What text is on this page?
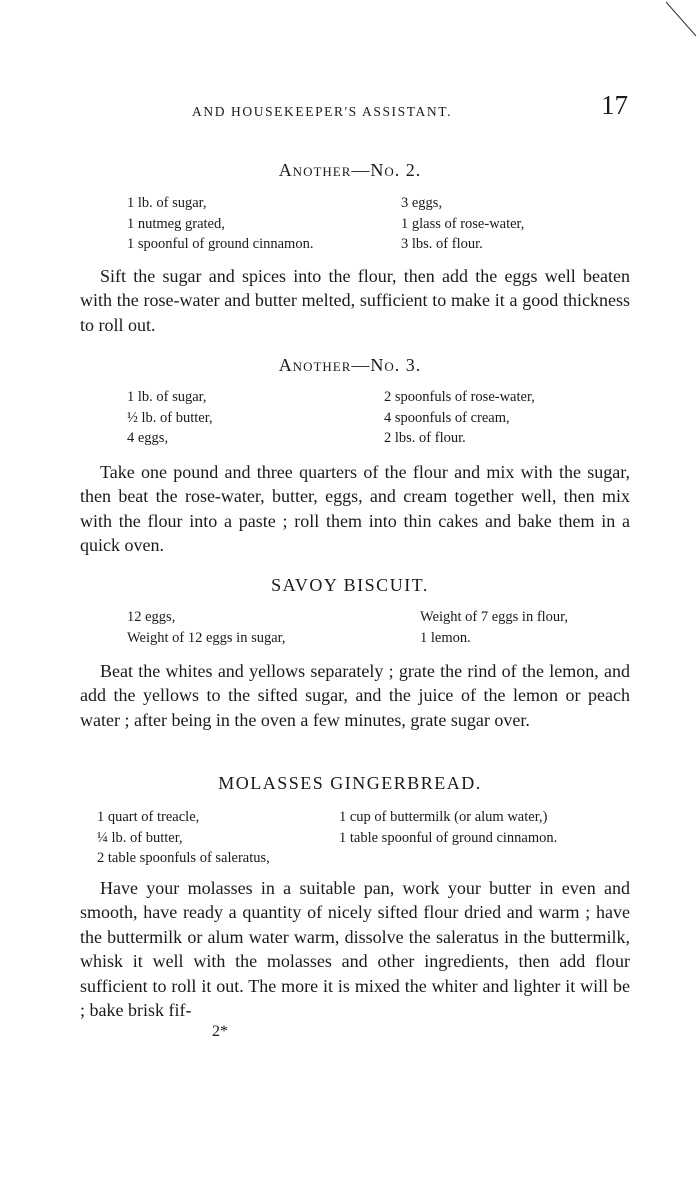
AND HOUSEKEEPER'S ASSISTANT.	17
Another—No. 2.
1 lb. of sugar,
1 nutmeg grated,
1 spoonful of ground cinnamon.
3 eggs,
1 glass of rose-water,
3 lbs. of flour.
Sift the sugar and spices into the flour, then add the eggs well beaten with the rose-water and butter melted, sufficient to make it a good thickness to roll out.
Another—No. 3.
1 lb. of sugar,
½ lb. of butter,
4 eggs,
2 spoonfuls of rose-water,
4 spoonfuls of cream,
2 lbs. of flour.
Take one pound and three quarters of the flour and mix with the sugar, then beat the rose-water, butter, eggs, and cream together well, then mix with the flour into a paste ; roll them into thin cakes and bake them in a quick oven.
SAVOY BISCUIT.
12 eggs,
Weight of 12 eggs in sugar,
Weight of 7 eggs in flour,
1 lemon.
Beat the whites and yellows separately ; grate the rind of the lemon, and add the yellows to the sifted sugar, and the juice of the lemon or peach water ; after being in the oven a few minutes, grate sugar over.
MOLASSES GINGERBREAD.
1 quart of treacle,
¼ lb. of butter,
2 table spoonfuls of saleratus,
1 cup of buttermilk (or alum water,)
1 table spoonful of ground cinnamon.
Have your molasses in a suitable pan, work your butter in even and smooth, have ready a quantity of nicely sifted flour dried and warm ; have the buttermilk or alum water warm, dissolve the saleratus in the buttermilk, whisk it well with the molasses and other ingredients, then add flour sufficient to roll it out. The more it is mixed the whiter and lighter it will be ; bake brisk fif-
2*
